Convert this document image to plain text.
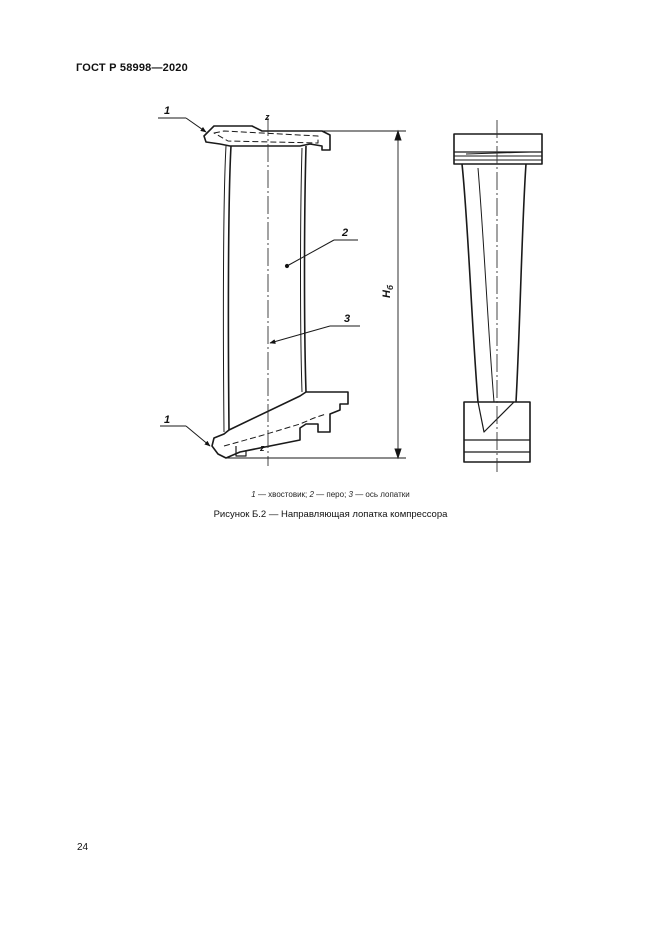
ГОСТ Р 58998—2020
1
1
2
3
z
z
$H_б$
1 — хвостовик; 2 — перо; 3 — ось лопатки
Рисунок Б.2 — Направляющая лопатка компрессора
24
